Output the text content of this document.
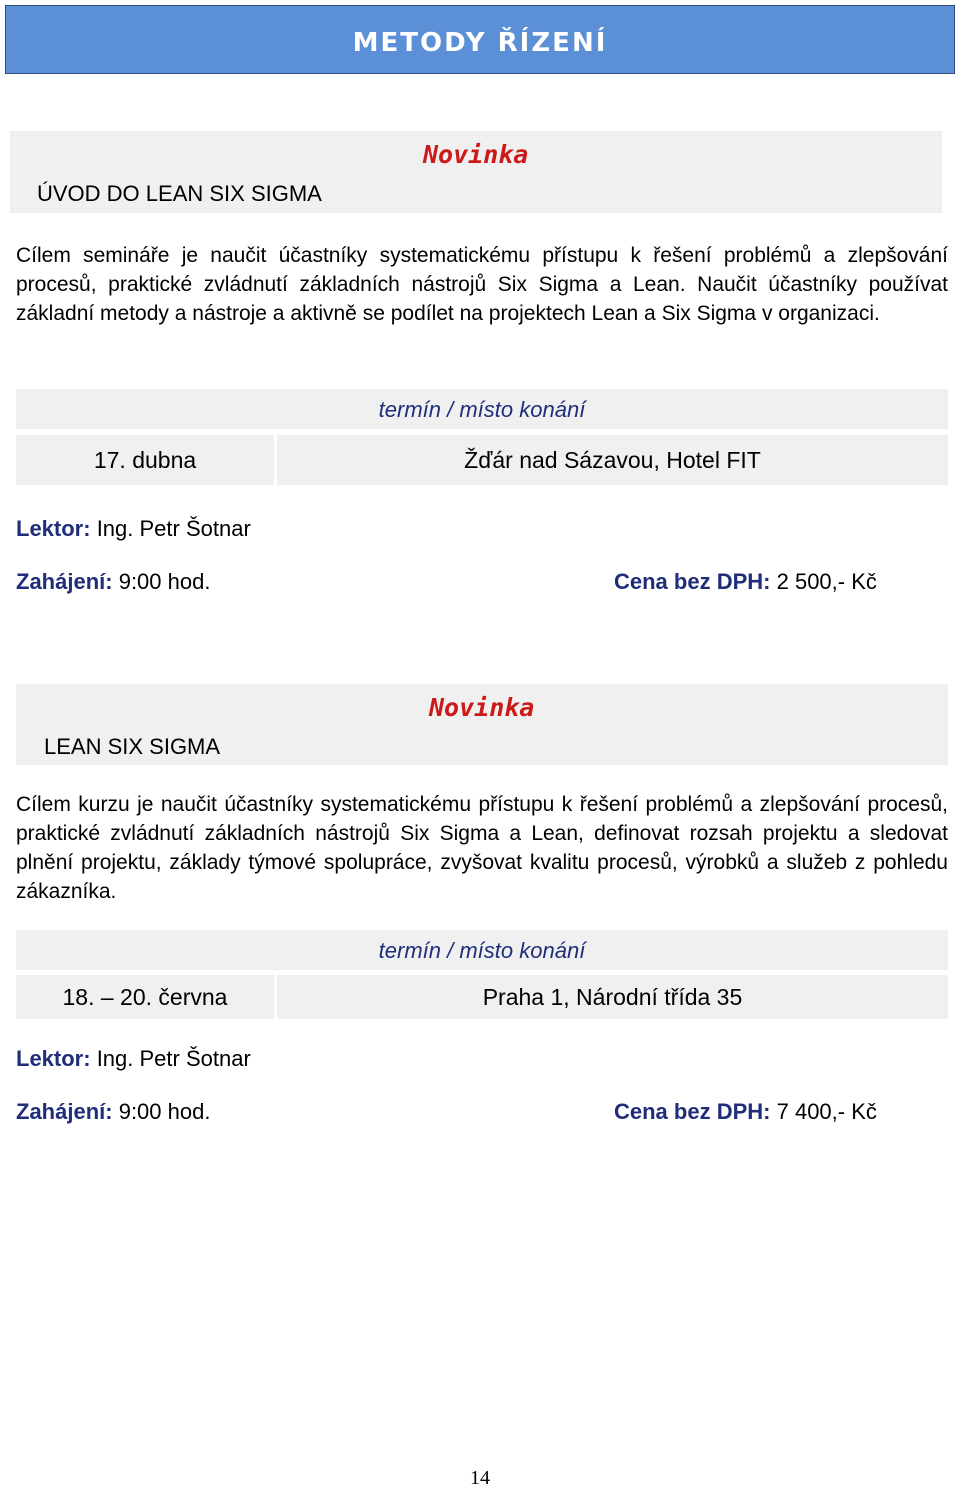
METODY ŘÍZENÍ
ÚVOD DO LEAN SIX SIGMA
Novinka

Cílem semináře je naučit účastníky systematickému přístupu k řešení problémů a zlepšování procesů, praktické zvládnutí základních nástrojů Six Sigma a Lean. Naučit účastníky používat základní metody a nástroje a aktivně se podílet na projektech Lean a Six Sigma v organizaci.

termín / místo konání
17. dubna	Žďár nad Sázavou, Hotel FIT
Lektor: Ing. Petr Šotnar
Zahájení: 9:00 hod.	Cena bez DPH: 2 500,- Kč
LEAN SIX SIGMA
Novinka

Cílem kurzu je naučit účastníky systematickému přístupu k řešení problémů a zlepšování procesů, praktické zvládnutí základních nástrojů Six Sigma a Lean, definovat rozsah projektu a sledovat plnění projektu, základy týmové spolupráce, zvyšovat kvalitu procesů, výrobků a služeb z pohledu zákazníka.

termín / místo konání
18. – 20. června	Praha 1, Národní třída 35
Lektor: Ing. Petr Šotnar
Zahájení: 9:00 hod.	Cena bez DPH: 7 400,- Kč
14
